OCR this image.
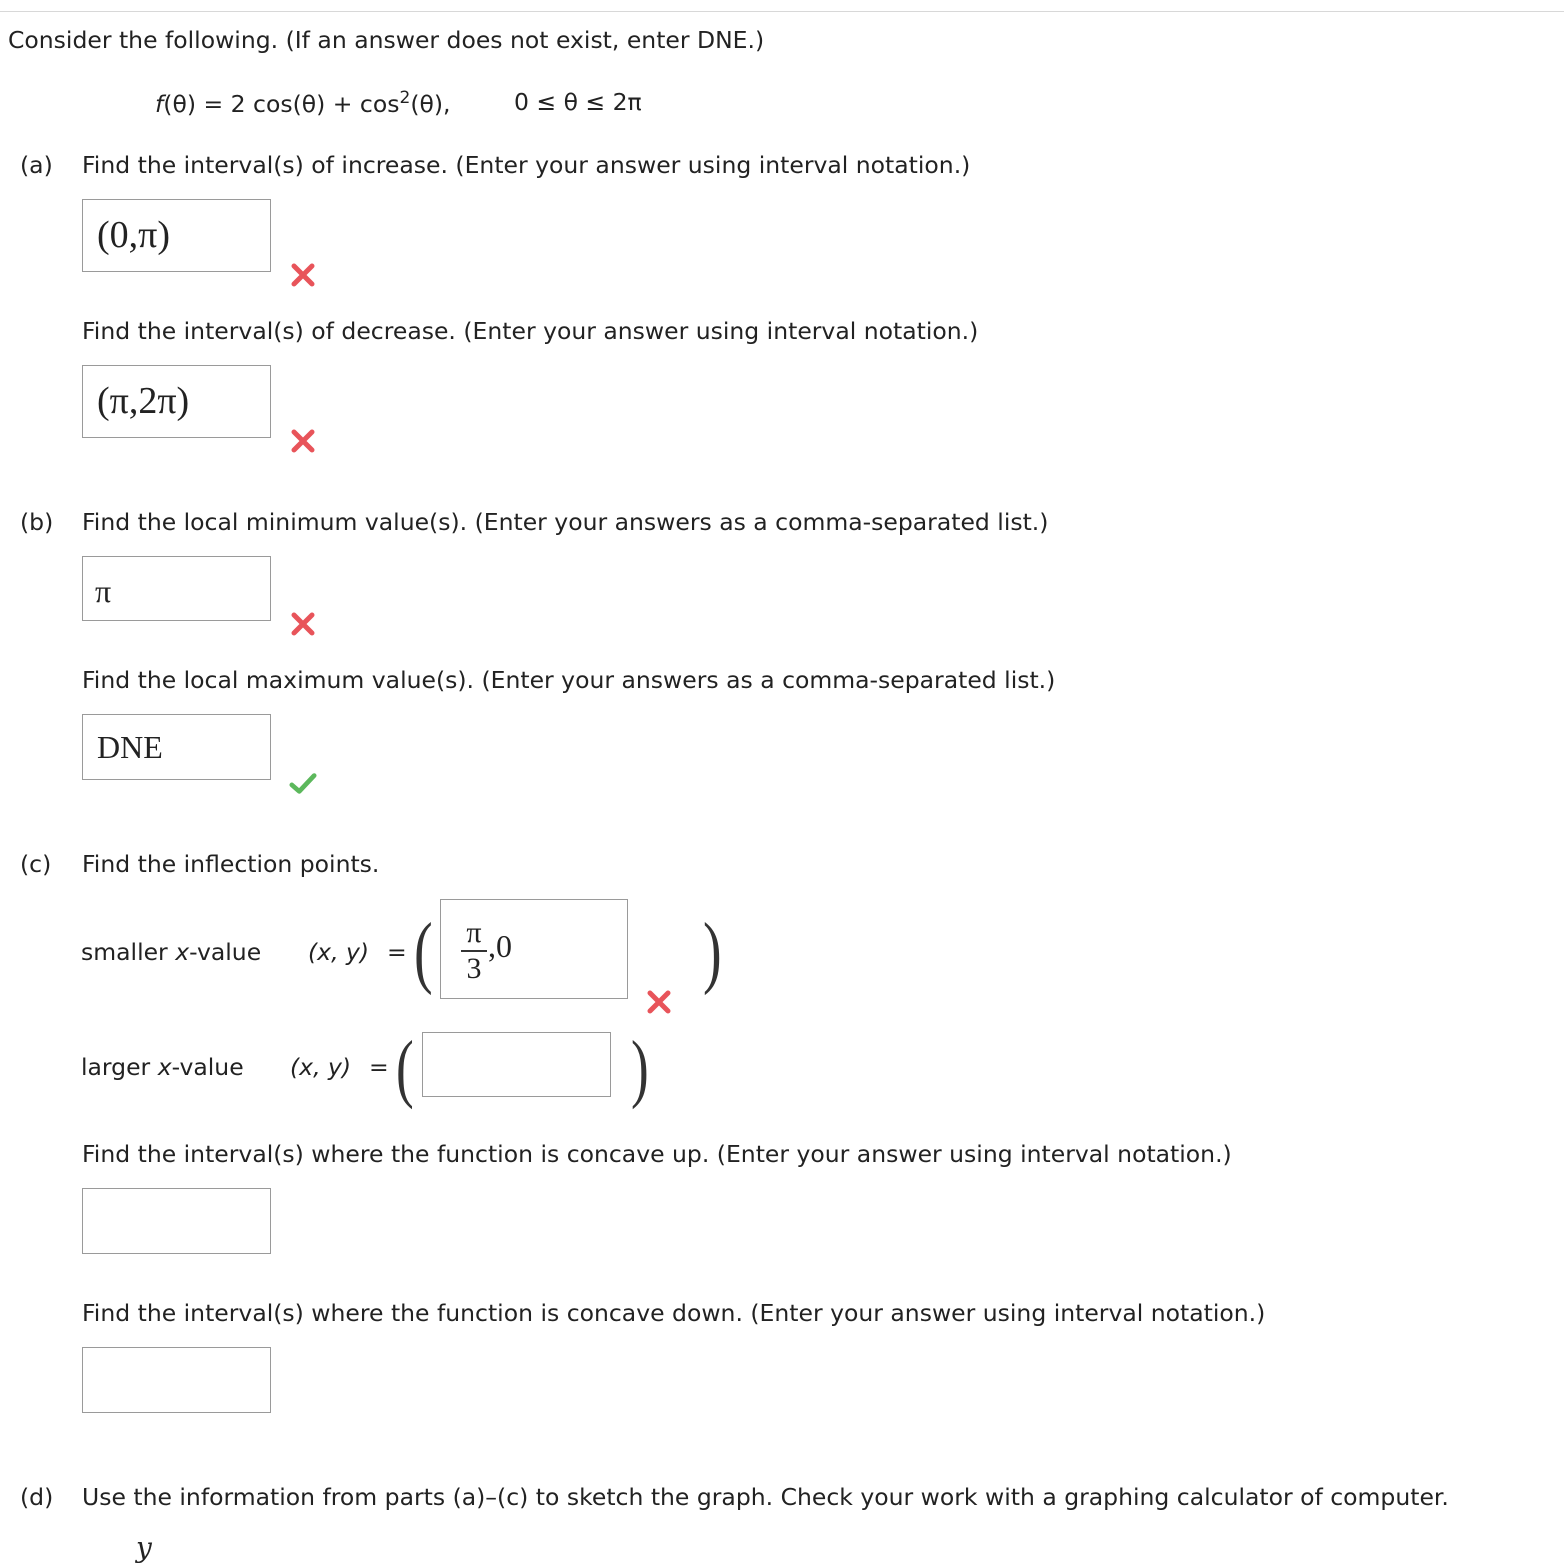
Consider the following. (If an answer does not exist, enter DNE.)
f(θ) = 2 $\cos(\theta) + \cos^2(\theta)$,	0 ≤ θ ≤ 2π
(a) Find the interval(s) of increase. (Enter your answer using interval notation.)
(0,π)
Find the interval(s) of decrease. (Enter your answer using interval notation.)
(π,2π)
(b) Find the local minimum value(s). (Enter your answers as a comma-separated list.)
π
Find the local maximum value(s). (Enter your answers as a comma-separated list.)
DNE
(c) Find the inflection points.
smaller x-value (x, y) = ( π
3
,0 )
larger x-value (x, y) = (	)
Find the interval(s) where the function is concave up. (Enter your answer using interval notation.)
Find the interval(s) where the function is concave down. (Enter your answer using interval notation.)
(d) Use the information from parts (a)–(c) to sketch the graph. Check your work with a graphing calculator of computer.
y
